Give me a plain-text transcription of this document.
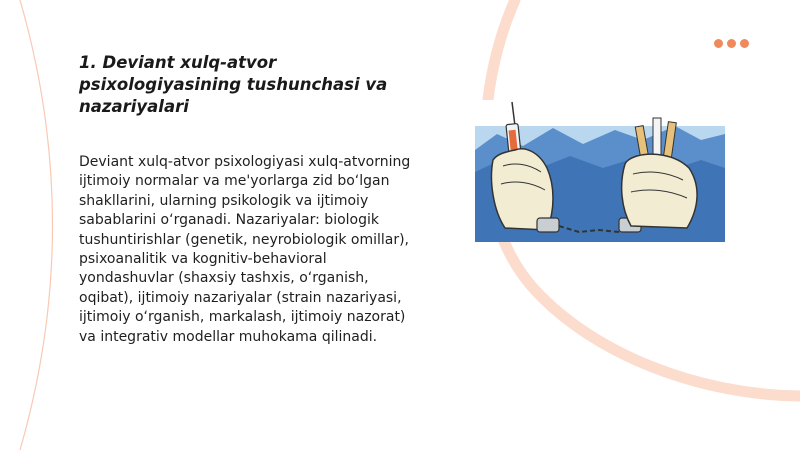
1. Deviant xulq-atvor psixologiyasining tushunchasi va nazariyalari

Deviant xulq-atvor psixologiyasi xulq-atvorning ijtimoiy normalar va me'yorlarga zid bo‘lgan shakllarini, ularning psikologik va ijtimoiy sabablarini o‘rganadi. Nazariyalar: biologik tushuntirishlar (genetik, neyrobiologik omillar), psixoanalitik va kognitiv-behavioral yondashuvlar (shaxsiy tashxis, o‘rganish, oqibat), ijtimoiy nazariyalar (strain nazariyasi, ijtimoiy o‘rganish, markalash, ijtimoiy nazorat) va integrativ modellar muhokama qilinadi.
